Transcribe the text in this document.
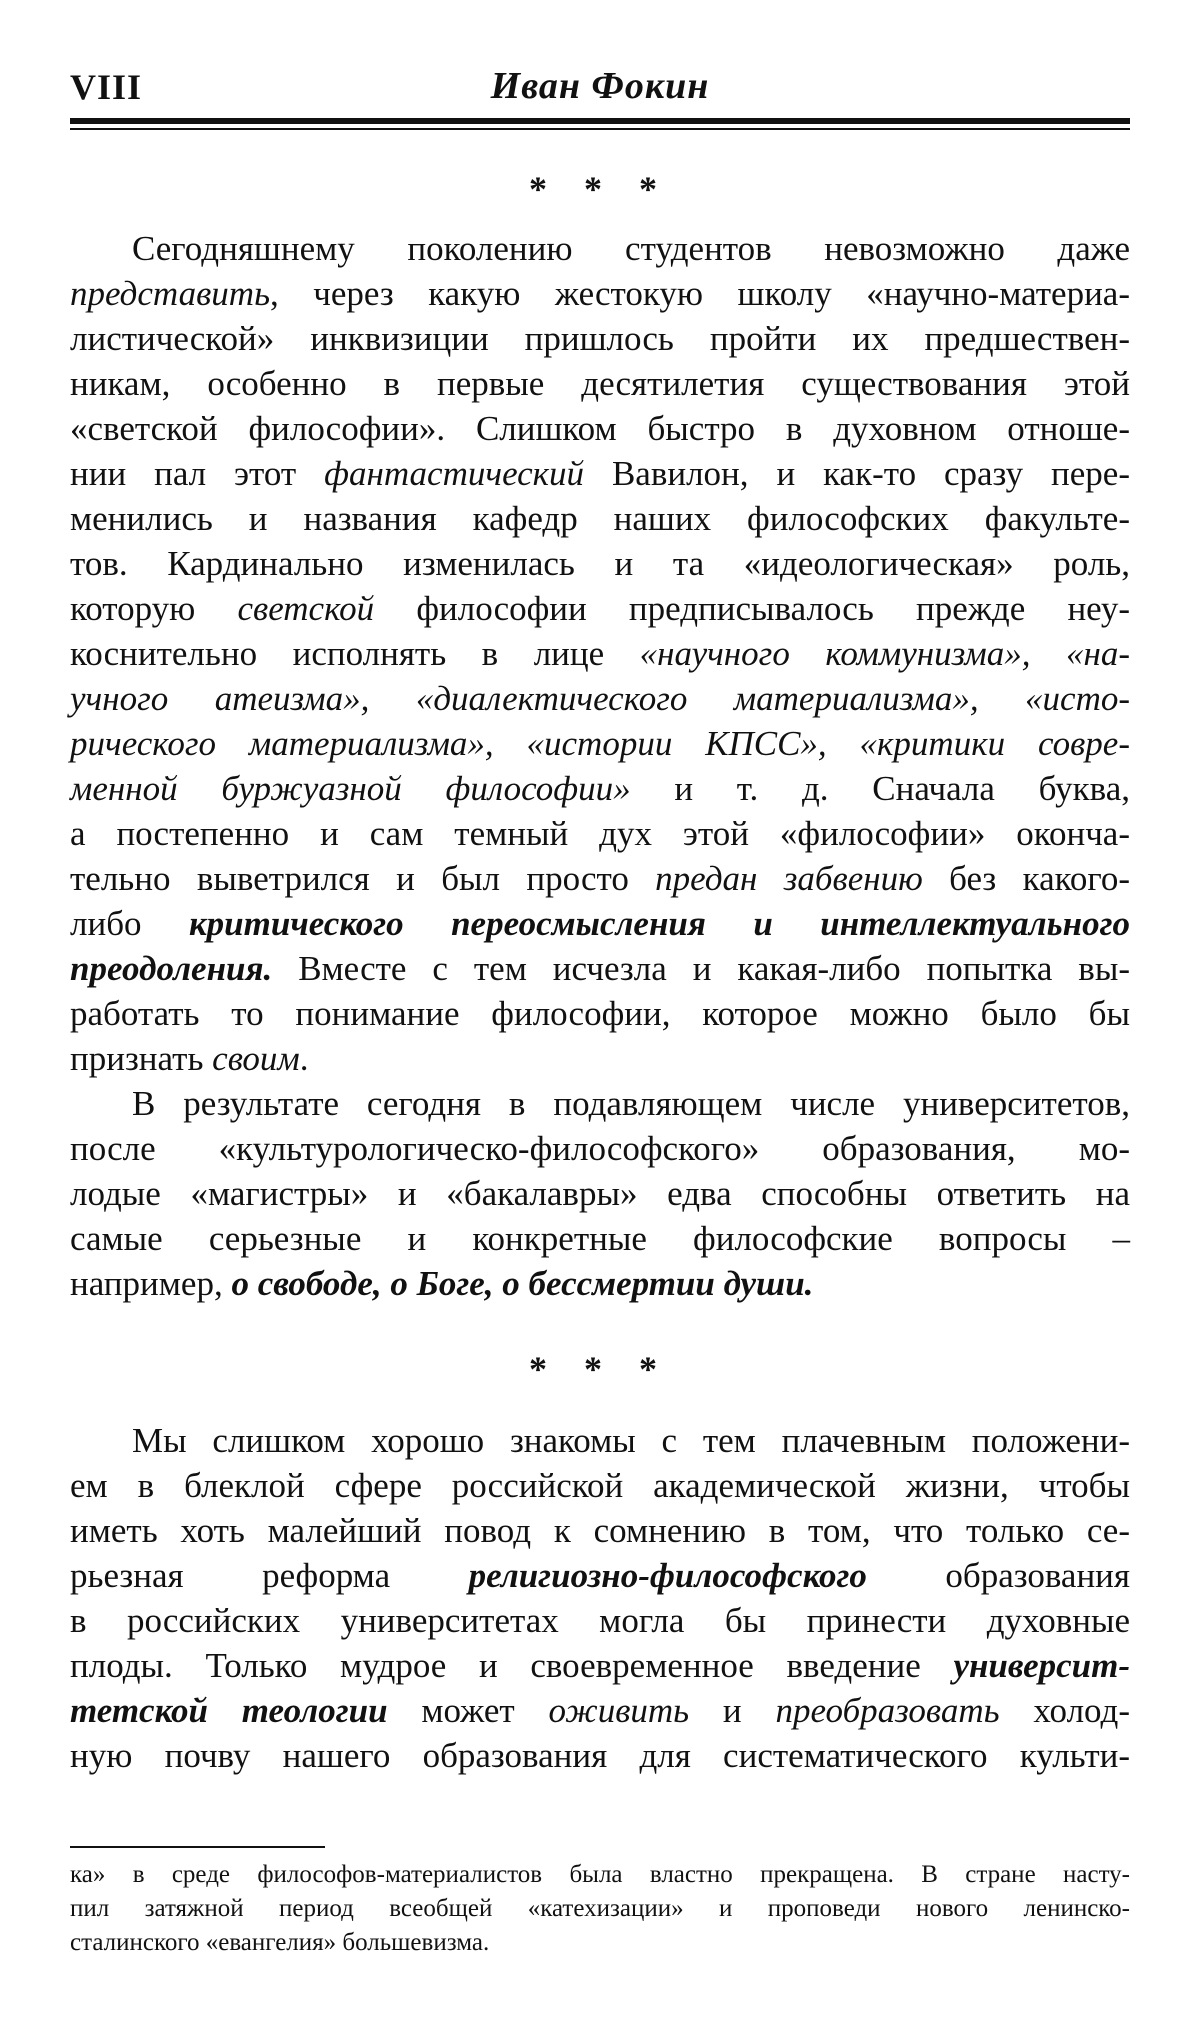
VIII	Иван Фокин
* * *
Сегодняшнему поколению студентов невозможно даже
представить, через какую жестокую школу «научно-материа-
листической» инквизиции пришлось пройти их предшествен-
никам, особенно в первые десятилетия существования этой
«светской философии». Слишком быстро в духовном отноше-
нии пал этот фантастический Вавилон, и как-то сразу пере-
менились и названия кафедр наших философских факульте-
тов. Кардинально изменилась и та «идеологическая» роль,
которую светской философии предписывалось прежде неу-
коснительно исполнять в лице «научного коммунизма», «на-
учного атеизма», «диалектического материализма», «исто-
рического материализма», «истории КПСС», «критики совре-
менной буржуазной философии» и т. д. Сначала буква,
а постепенно и сам темный дух этой «философии» оконча-
тельно выветрился и был просто предан забвению без какого-
либо критического переосмысления и интеллектуального
преодоления. Вместе с тем исчезла и какая-либо попытка вы-
работать то понимание философии, которое можно было бы
признать своим.
В результате сегодня в подавляющем числе университетов,
после «культурологическо-философского» образования, мо-
лодые «магистры» и «бакалавры» едва способны ответить на
самые серьезные и конкретные философские вопросы –
например, о свободе, о Боге, о бессмертии души.
* * *
Мы слишком хорошо знакомы с тем плачевным положени-
ем в блеклой сфере российской академической жизни, чтобы
иметь хоть малейший повод к сомнению в том, что только се-
рьезная реформа религиозно-философского образования
в российских университетах могла бы принести духовные
плоды. Только мудрое и своевременное введение университ-
тетской теологии может оживить и преобразовать холод-
ную почву нашего образования для систематического культи-
ка» в среде философов-материалистов была властно прекращена. В стране насту-
пил затяжной период всеобщей «катехизации» и проповеди нового ленинско-
сталинского «евангелия» большевизма.
